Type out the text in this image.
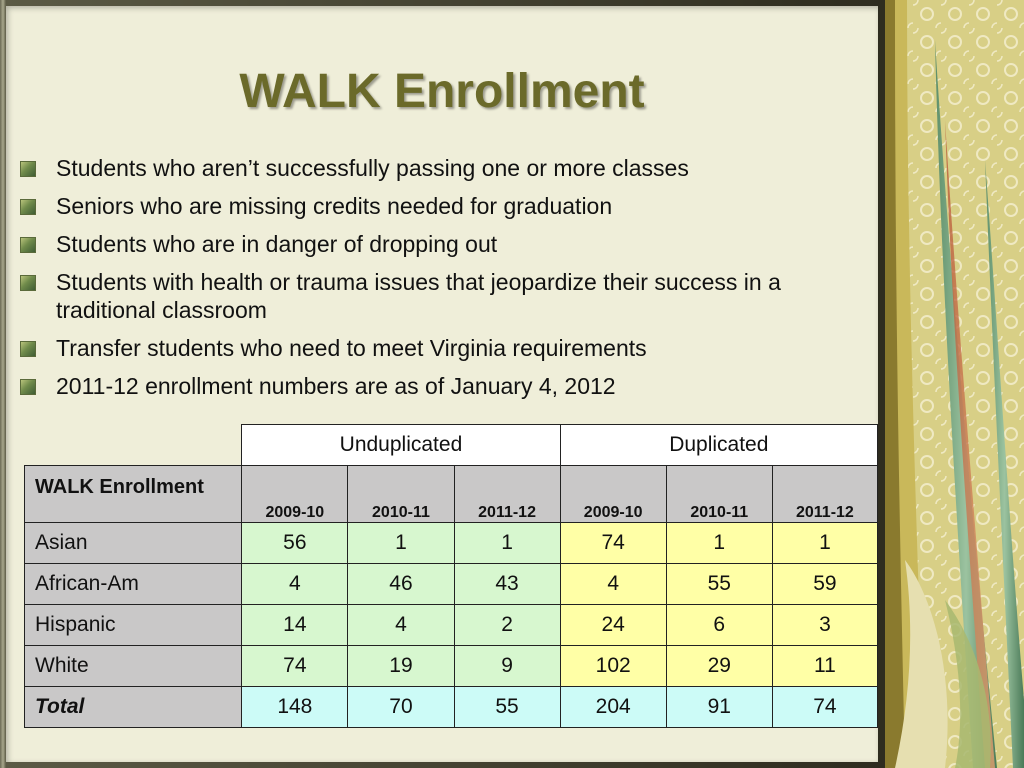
WALK Enrollment
Students who aren’t successfully passing one or more classes
Seniors who are missing credits needed for graduation
Students who are in danger of dropping out
Students with health or trauma issues that jeopardize their success in a traditional classroom
Transfer students who need to meet Virginia requirements
2011-12 enrollment numbers are as of January 4, 2012
	Unduplicated			Duplicated		
WALK Enrollment	2009-10	2010-11	2011-12	2009-10	2010-11	2011-12
Asian	56	1	1	74	1	1
African-Am	4	46	43	4	55	59
Hispanic	14	4	2	24	6	3
White	74	19	9	102	29	11
Total	148	70	55	204	91	74
